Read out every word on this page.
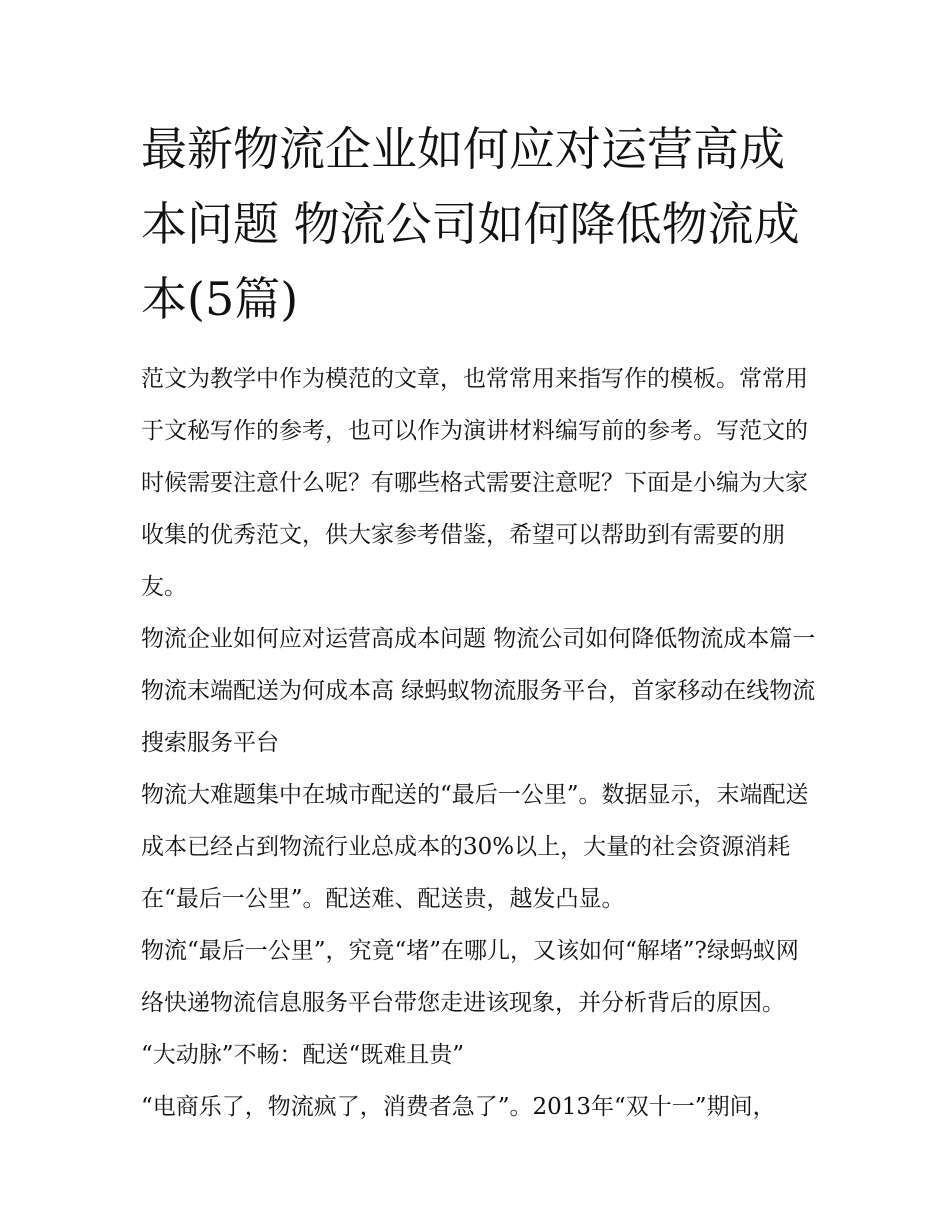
最新物流企业如何应对运营高成本问题 物流公司如何降低物流成本(5篇)

范文为教学中作为模范的文章，也常常用来指写作的模板。常常用于文秘写作的参考，也可以作为演讲材料编写前的参考。写范文的时候需要注意什么呢？有哪些格式需要注意呢？下面是小编为大家收集的优秀范文，供大家参考借鉴，希望可以帮助到有需要的朋友。

物流企业如何应对运营高成本问题 物流公司如何降低物流成本篇一 物流末端配送为何成本高 绿蚂蚁物流服务平台，首家移动在线物流搜索服务平台

物流大难题集中在城市配送的“最后一公里”。数据显示，末端配送成本已经占到物流行业总成本的30%以上，大量的社会资源消耗在“最后一公里”。配送难、配送贵，越发凸显。

物流“最后一公里”，究竟“堵”在哪儿，又该如何“解堵”?绿蚂蚁网络快递物流信息服务平台带您走进该现象，并分析背后的原因。 “大动脉”不畅：配送“既难且贵”

“电商乐了，物流疯了，消费者急了”。2013年“双十一”期间，
